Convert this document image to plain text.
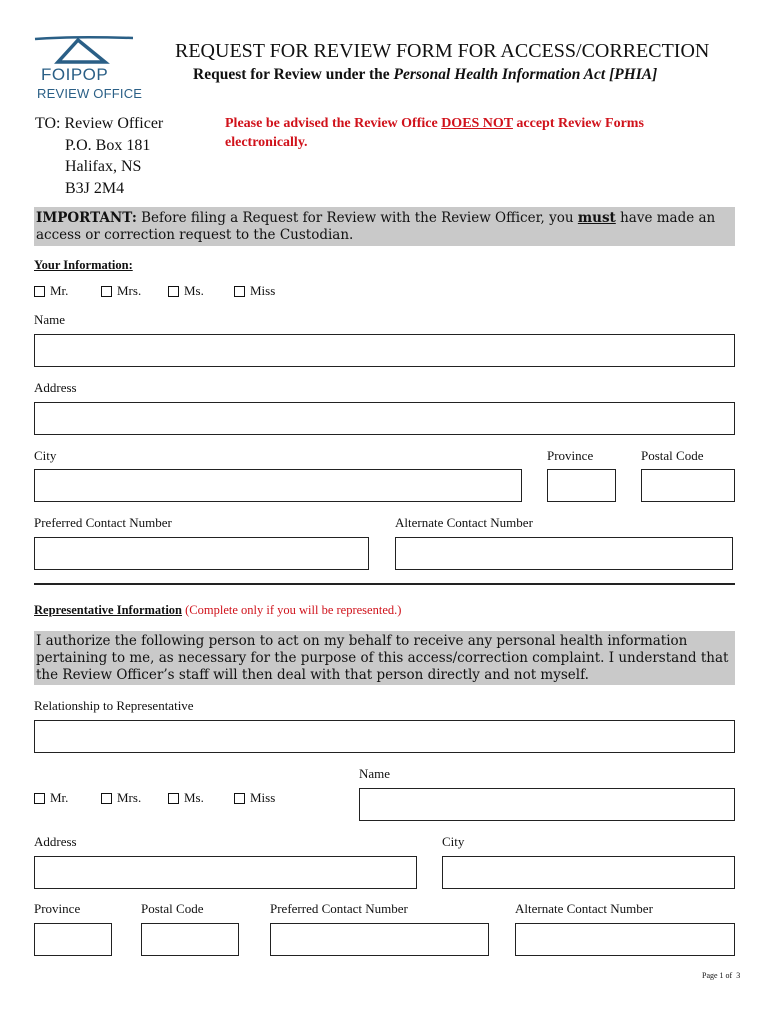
FOIPOP
REVIEW OFFICE
REQUEST FOR REVIEW FORM FOR ACCESS/CORRECTION
Request for Review under the Personal Health Information Act [PHIA]
TO: Review Officer
P.O. Box 181
Halifax, NS
B3J 2M4
Please be advised the Review Office DOES NOT accept Review Forms electronically.
IMPORTANT: Before filing a Request for Review with the Review Officer, you must have made an access or correction request to the Custodian.
Your Information:
Mr.	Mrs.	Ms.	Miss
Name
Address
City	Province	Postal Code
Preferred Contact Number	Alternate Contact Number
Representative Information (Complete only if you will be represented.)
I authorize the following person to act on my behalf to receive any personal health information pertaining to me, as necessary for the purpose of this access/correction complaint. I understand that the Review Officer’s staff will then deal with that person directly and not myself.
Relationship to Representative
Name
Mr.	Mrs.	Ms.	Miss
Address	City
Province	Postal Code	Preferred Contact Number	Alternate Contact Number
Page 1 of  3
